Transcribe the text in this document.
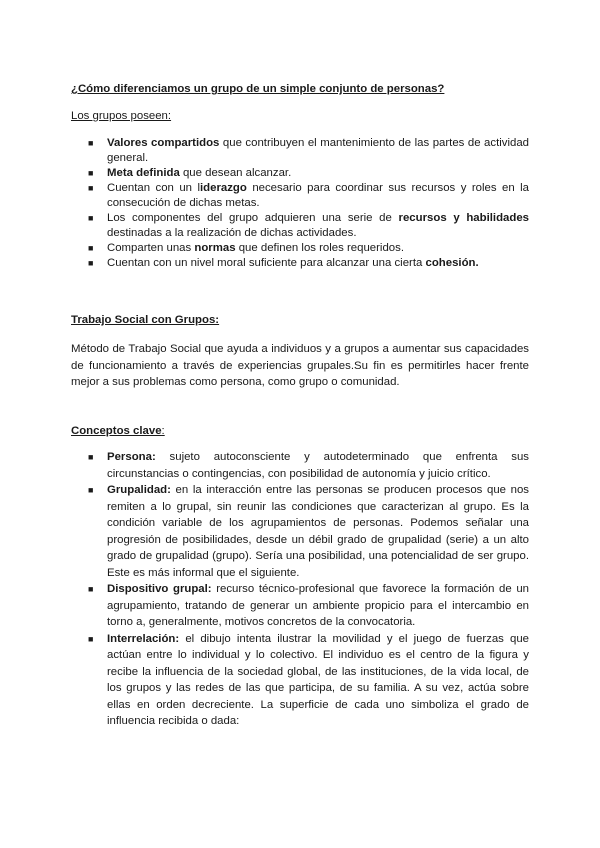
¿Cómo diferenciamos un grupo de un simple conjunto de personas?
Los grupos poseen:
■ Valores compartidos que contribuyen el mantenimiento de las partes de actividad general.
■ Meta definida que desean alcanzar.
■ Cuentan con un liderazgo necesario para coordinar sus recursos y roles en la consecución de dichas metas.
■ Los componentes del grupo adquieren una serie de recursos y habilidades destinadas a la realización de dichas actividades.
■ Comparten unas normas que definen los roles requeridos.
■ Cuentan con un nivel moral suficiente para alcanzar una cierta cohesión.
Trabajo Social con Grupos:
Método de Trabajo Social que ayuda a individuos y a grupos a aumentar sus capacidades de funcionamiento a través de experiencias grupales.Su fin es permitirles hacer frente mejor a sus problemas como persona, como grupo o comunidad.
Conceptos clave:
■ Persona: sujeto autoconsciente y autodeterminado que enfrenta sus circunstancias o contingencias, con posibilidad de autonomía y juicio crítico.
■ Grupalidad: en la interacción entre las personas se producen procesos que nos remiten a lo grupal, sin reunir las condiciones que caracterizan al grupo. Es la condición variable de los agrupamientos de personas. Podemos señalar una progresión de posibilidades, desde un débil grado de grupalidad (serie) a un alto grado de grupalidad (grupo). Sería una posibilidad, una potencialidad de ser grupo. Este es más informal que el siguiente.
■ Dispositivo grupal: recurso técnico-profesional que favorece la formación de un agrupamiento, tratando de generar un ambiente propicio para el intercambio en torno a, generalmente, motivos concretos de la convocatoria.
■ Interrelación: el dibujo intenta ilustrar la movilidad y el juego de fuerzas que actúan entre lo individual y lo colectivo. El individuo es el centro de la figura y recibe la influencia de la sociedad global, de las instituciones, de la vida local, de los grupos y las redes de las que participa, de su familia. A su vez, actúa sobre ellas en orden decreciente. La superficie de cada uno simboliza el grado de influencia recibida o dada:
